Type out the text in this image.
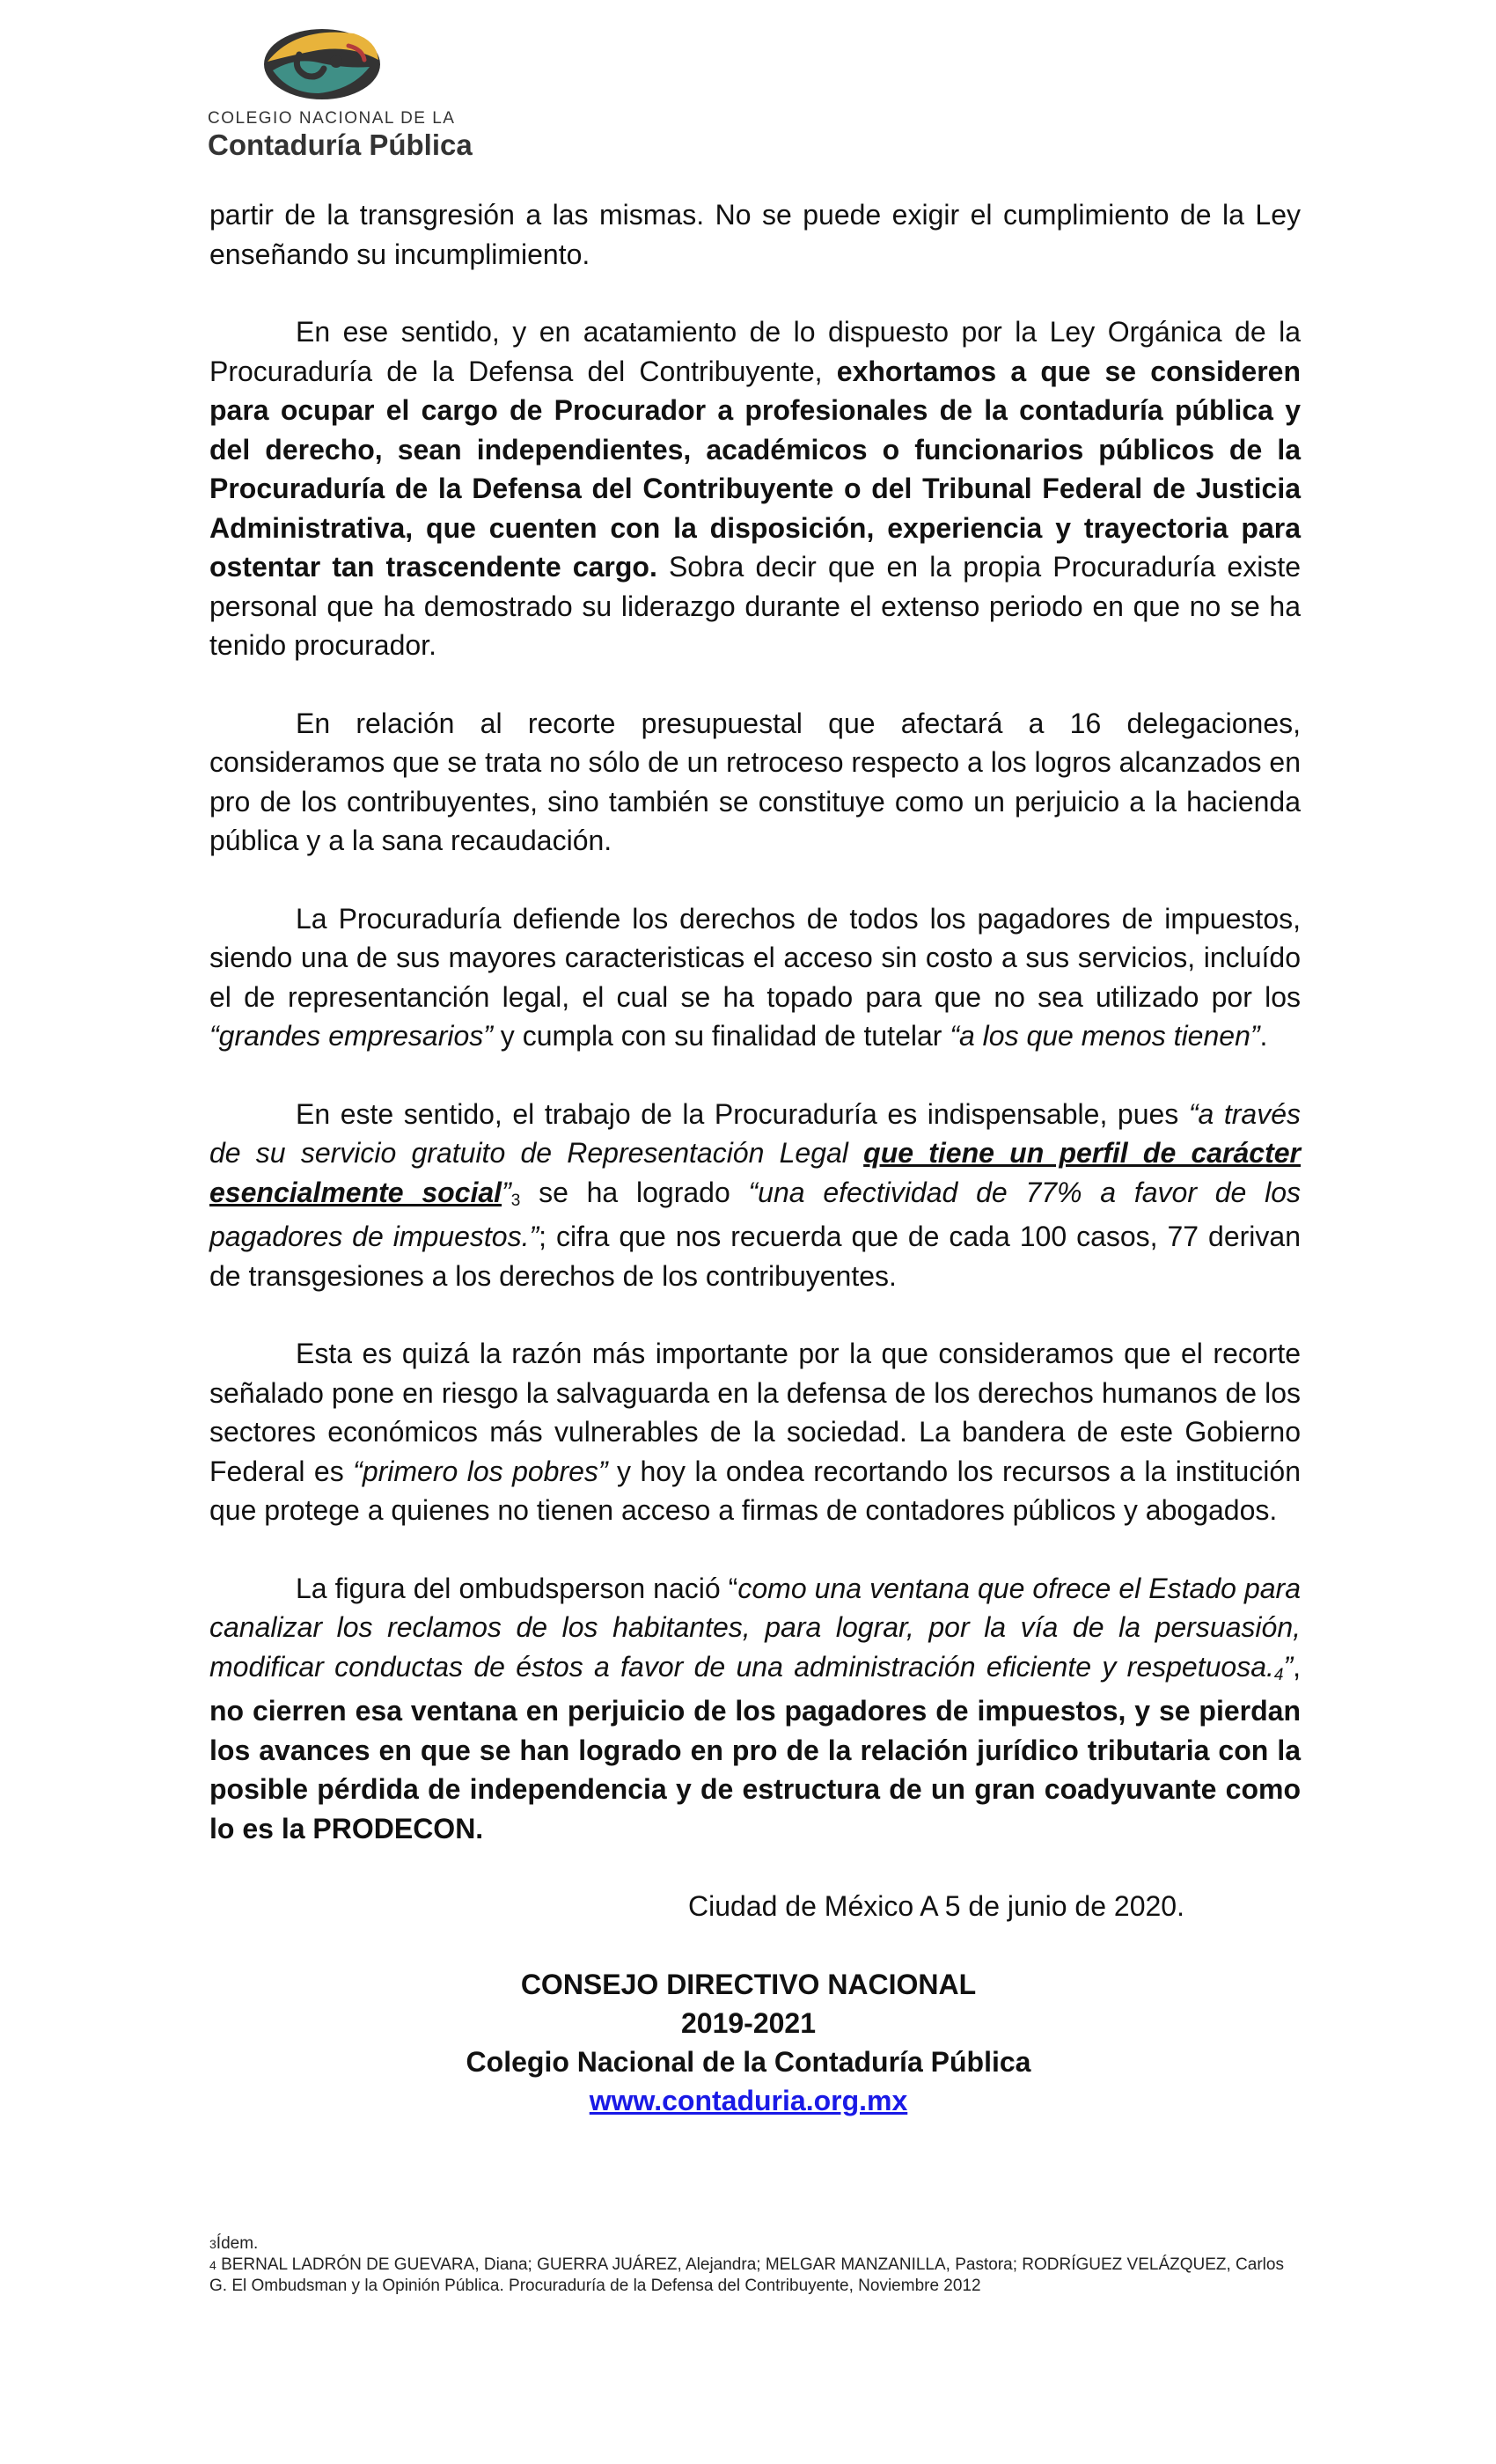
COLEGIO NACIONAL DE LA
Contaduría Pública

partir de la transgresión a las mismas. No se puede exigir el cumplimiento de la Ley enseñando su incumplimiento.

En ese sentido, y en acatamiento de lo dispuesto por la Ley Orgánica de la Procuraduría de la Defensa del Contribuyente, exhortamos a que se consideren para ocupar el cargo de Procurador a profesionales de la contaduría pública y del derecho, sean independientes, académicos o funcionarios públicos de la Procuraduría de la Defensa del Contribuyente o del Tribunal Federal de Justicia Administrativa, que cuenten con la disposición, experiencia y trayectoria para ostentar tan trascendente cargo. Sobra decir que en la propia Procuraduría existe personal que ha demostrado su liderazgo durante el extenso periodo en que no se ha tenido procurador.

En relación al recorte presupuestal que afectará a 16 delegaciones, consideramos que se trata no sólo de un retroceso respecto a los logros alcanzados en pro de los contribuyentes, sino también se constituye como un perjuicio a la hacienda pública y a la sana recaudación.

La Procuraduría defiende los derechos de todos los pagadores de impuestos, siendo una de sus mayores caracteristicas el acceso sin costo a sus servicios, incluído el de representanción legal, el cual se ha topado para que no sea utilizado por los “grandes empresarios” y cumpla con su finalidad de tutelar “a los que menos tienen”.

En este sentido, el trabajo de la Procuraduría es indispensable, pues “a través de su servicio gratuito de Representación Legal que tiene un perfil de carácter esencialmente social”$^3$ se ha logrado “una efectividad de 77% a favor de los pagadores de impuestos.”; cifra que nos recuerda que de cada 100 casos, 77 derivan de transgesiones a los derechos de los contribuyentes.

Esta es quizá la razón más importante por la que consideramos que el recorte señalado pone en riesgo la salvaguarda en la defensa de los derechos humanos de los sectores económicos más vulnerables de la sociedad. La bandera de este Gobierno Federal es “primero los pobres” y hoy la ondea recortando los recursos a la institución que protege a quienes no tienen acceso a firmas de contadores públicos y abogados.

La figura del ombudsperson nació “como una ventana que ofrece el Estado para canalizar los reclamos de los habitantes, para lograr, por la vía de la persuasión, modificar conductas de éstos a favor de una administración eficiente y respetuosa.$^4$”, no cierren esa ventana en perjuicio de los pagadores de impuestos, y se pierdan los avances en que se han logrado en pro de la relación jurídico tributaria con la posible pérdida de independencia y de estructura de un gran coadyuvante como lo es la PRODECON.

Ciudad de México A 5 de junio de 2020.

CONSEJO DIRECTIVO NACIONAL
2019-2021
Colegio Nacional de la Contaduría Pública
www.contaduria.org.mx
3Ídem.
4 BERNAL LADRÓN DE GUEVARA, Diana; GUERRA JUÁREZ, Alejandra; MELGAR MANZANILLA, Pastora; RODRÍGUEZ VELÁZQUEZ, Carlos G. El Ombudsman y la Opinión Pública. Procuraduría de la Defensa del Contribuyente, Noviembre 2012
